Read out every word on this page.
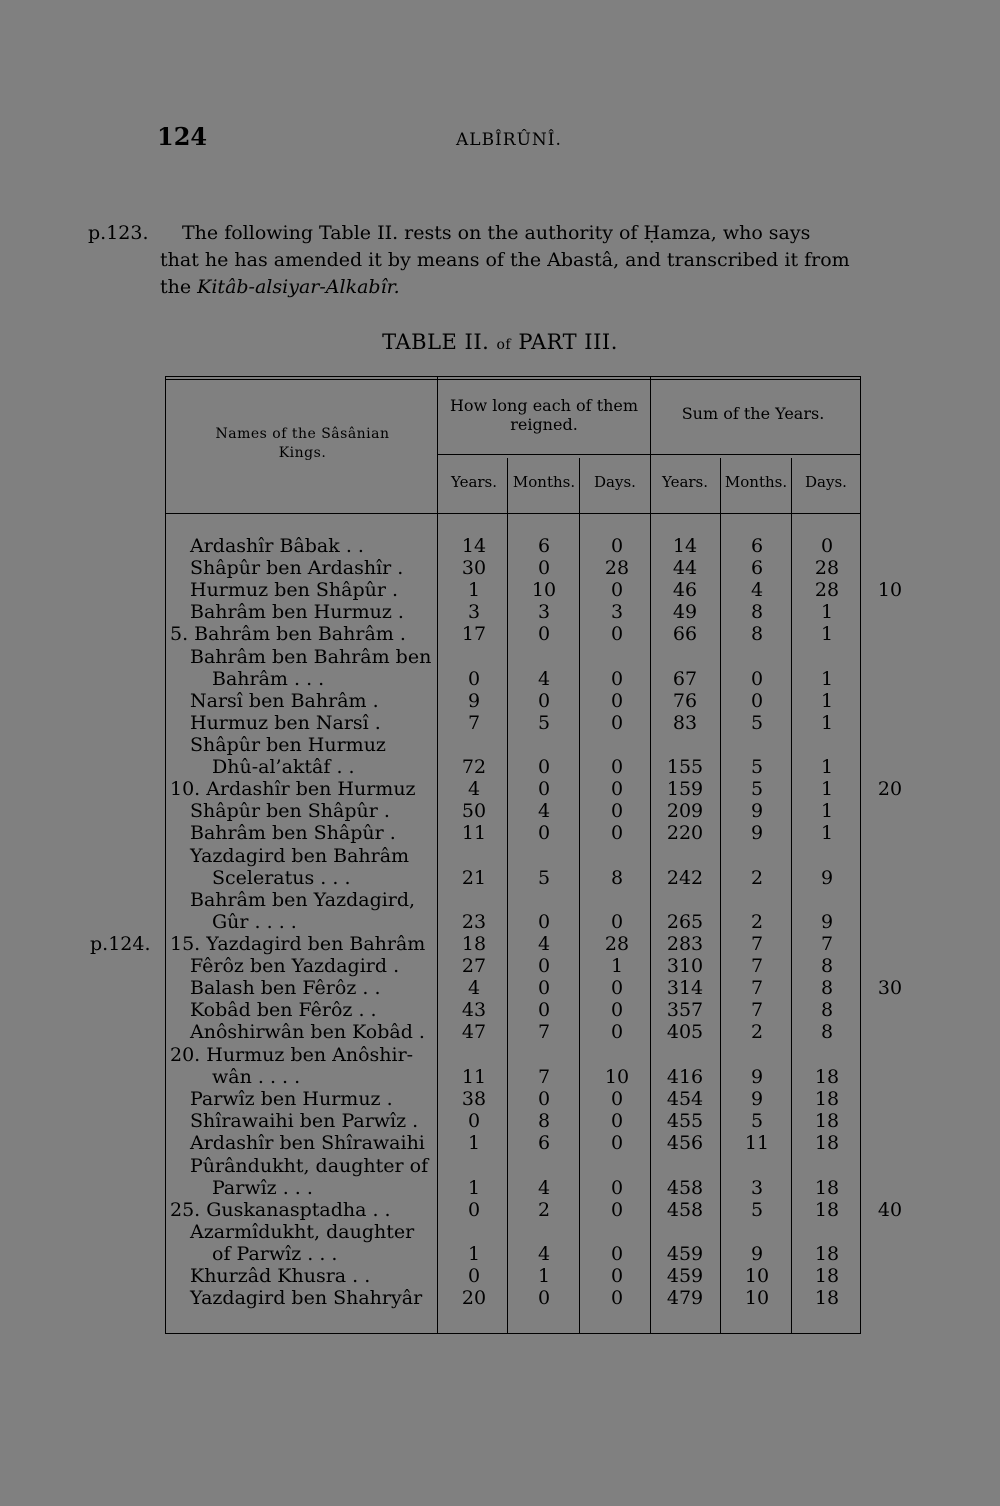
124	ALBÎRÛNÎ.
p.123.
p.124.
The following Table II. rests on the authority of Ḥamza, who says
that he has amended it by means of the Abastâ, and transcribed it from
the Kitâb-alsiyar-Alkabîr.
TABLE II. of PART III.
Names of the Sâsânian
Kings.
How long each of them
reigned.
Sum of the Years.
Years.	Months.	Days.	Years.	Months.	Days.
Ardashîr Bâbak . .	14	6	0	14	6	0
Shâpûr ben Ardashîr .	30	0	28	44	6	28
Hurmuz ben Shâpûr .	1	10	0	46	4	28	10
Bahrâm ben Hurmuz .	3	3	3	49	8	1
5. Bahrâm ben Bahrâm .	17	0	0	66	8	1
Bahrâm ben Bahrâm ben
Bahrâm . . .	0	4	0	67	0	1
Narsî ben Bahrâm .	9	0	0	76	0	1
Hurmuz ben Narsî .	7	5	0	83	5	1
Shâpûr ben Hurmuz
Dhû-al’aktâf . .	72	0	0	155	5	1
10. Ardashîr ben Hurmuz	4	0	0	159	5	1	20
Shâpûr ben Shâpûr .	50	4	0	209	9	1
Bahrâm ben Shâpûr .	11	0	0	220	9	1
Yazdagird ben Bahrâm
Sceleratus . . .	21	5	8	242	2	9
Bahrâm ben Yazdagird,
Gûr . . . .	23	0	0	265	2	9
15. Yazdagird ben Bahrâm	18	4	28	283	7	7
Fêrôz ben Yazdagird .	27	0	1	310	7	8
Balash ben Fêrôz . .	4	0	0	314	7	8	30
Kobâd ben Fêrôz . .	43	0	0	357	7	8
Anôshirwân ben Kobâd .	47	7	0	405	2	8
20. Hurmuz ben Anôshir-
wân . . . .	11	7	10	416	9	18
Parwîz ben Hurmuz .	38	0	0	454	9	18
Shîrawaihi ben Parwîz .	0	8	0	455	5	18
Ardashîr ben Shîrawaihi	1	6	0	456	11	18
Pûrândukht, daughter of
Parwîz . . .	1	4	0	458	3	18
25. Guskanasptadha . .	0	2	0	458	5	18	40
Azarmîdukht, daughter
of Parwîz . . .	1	4	0	459	9	18
Khurzâd Khusra . .	0	1	0	459	10	18
Yazdagird ben Shahryâr	20	0	0	479	10	18
